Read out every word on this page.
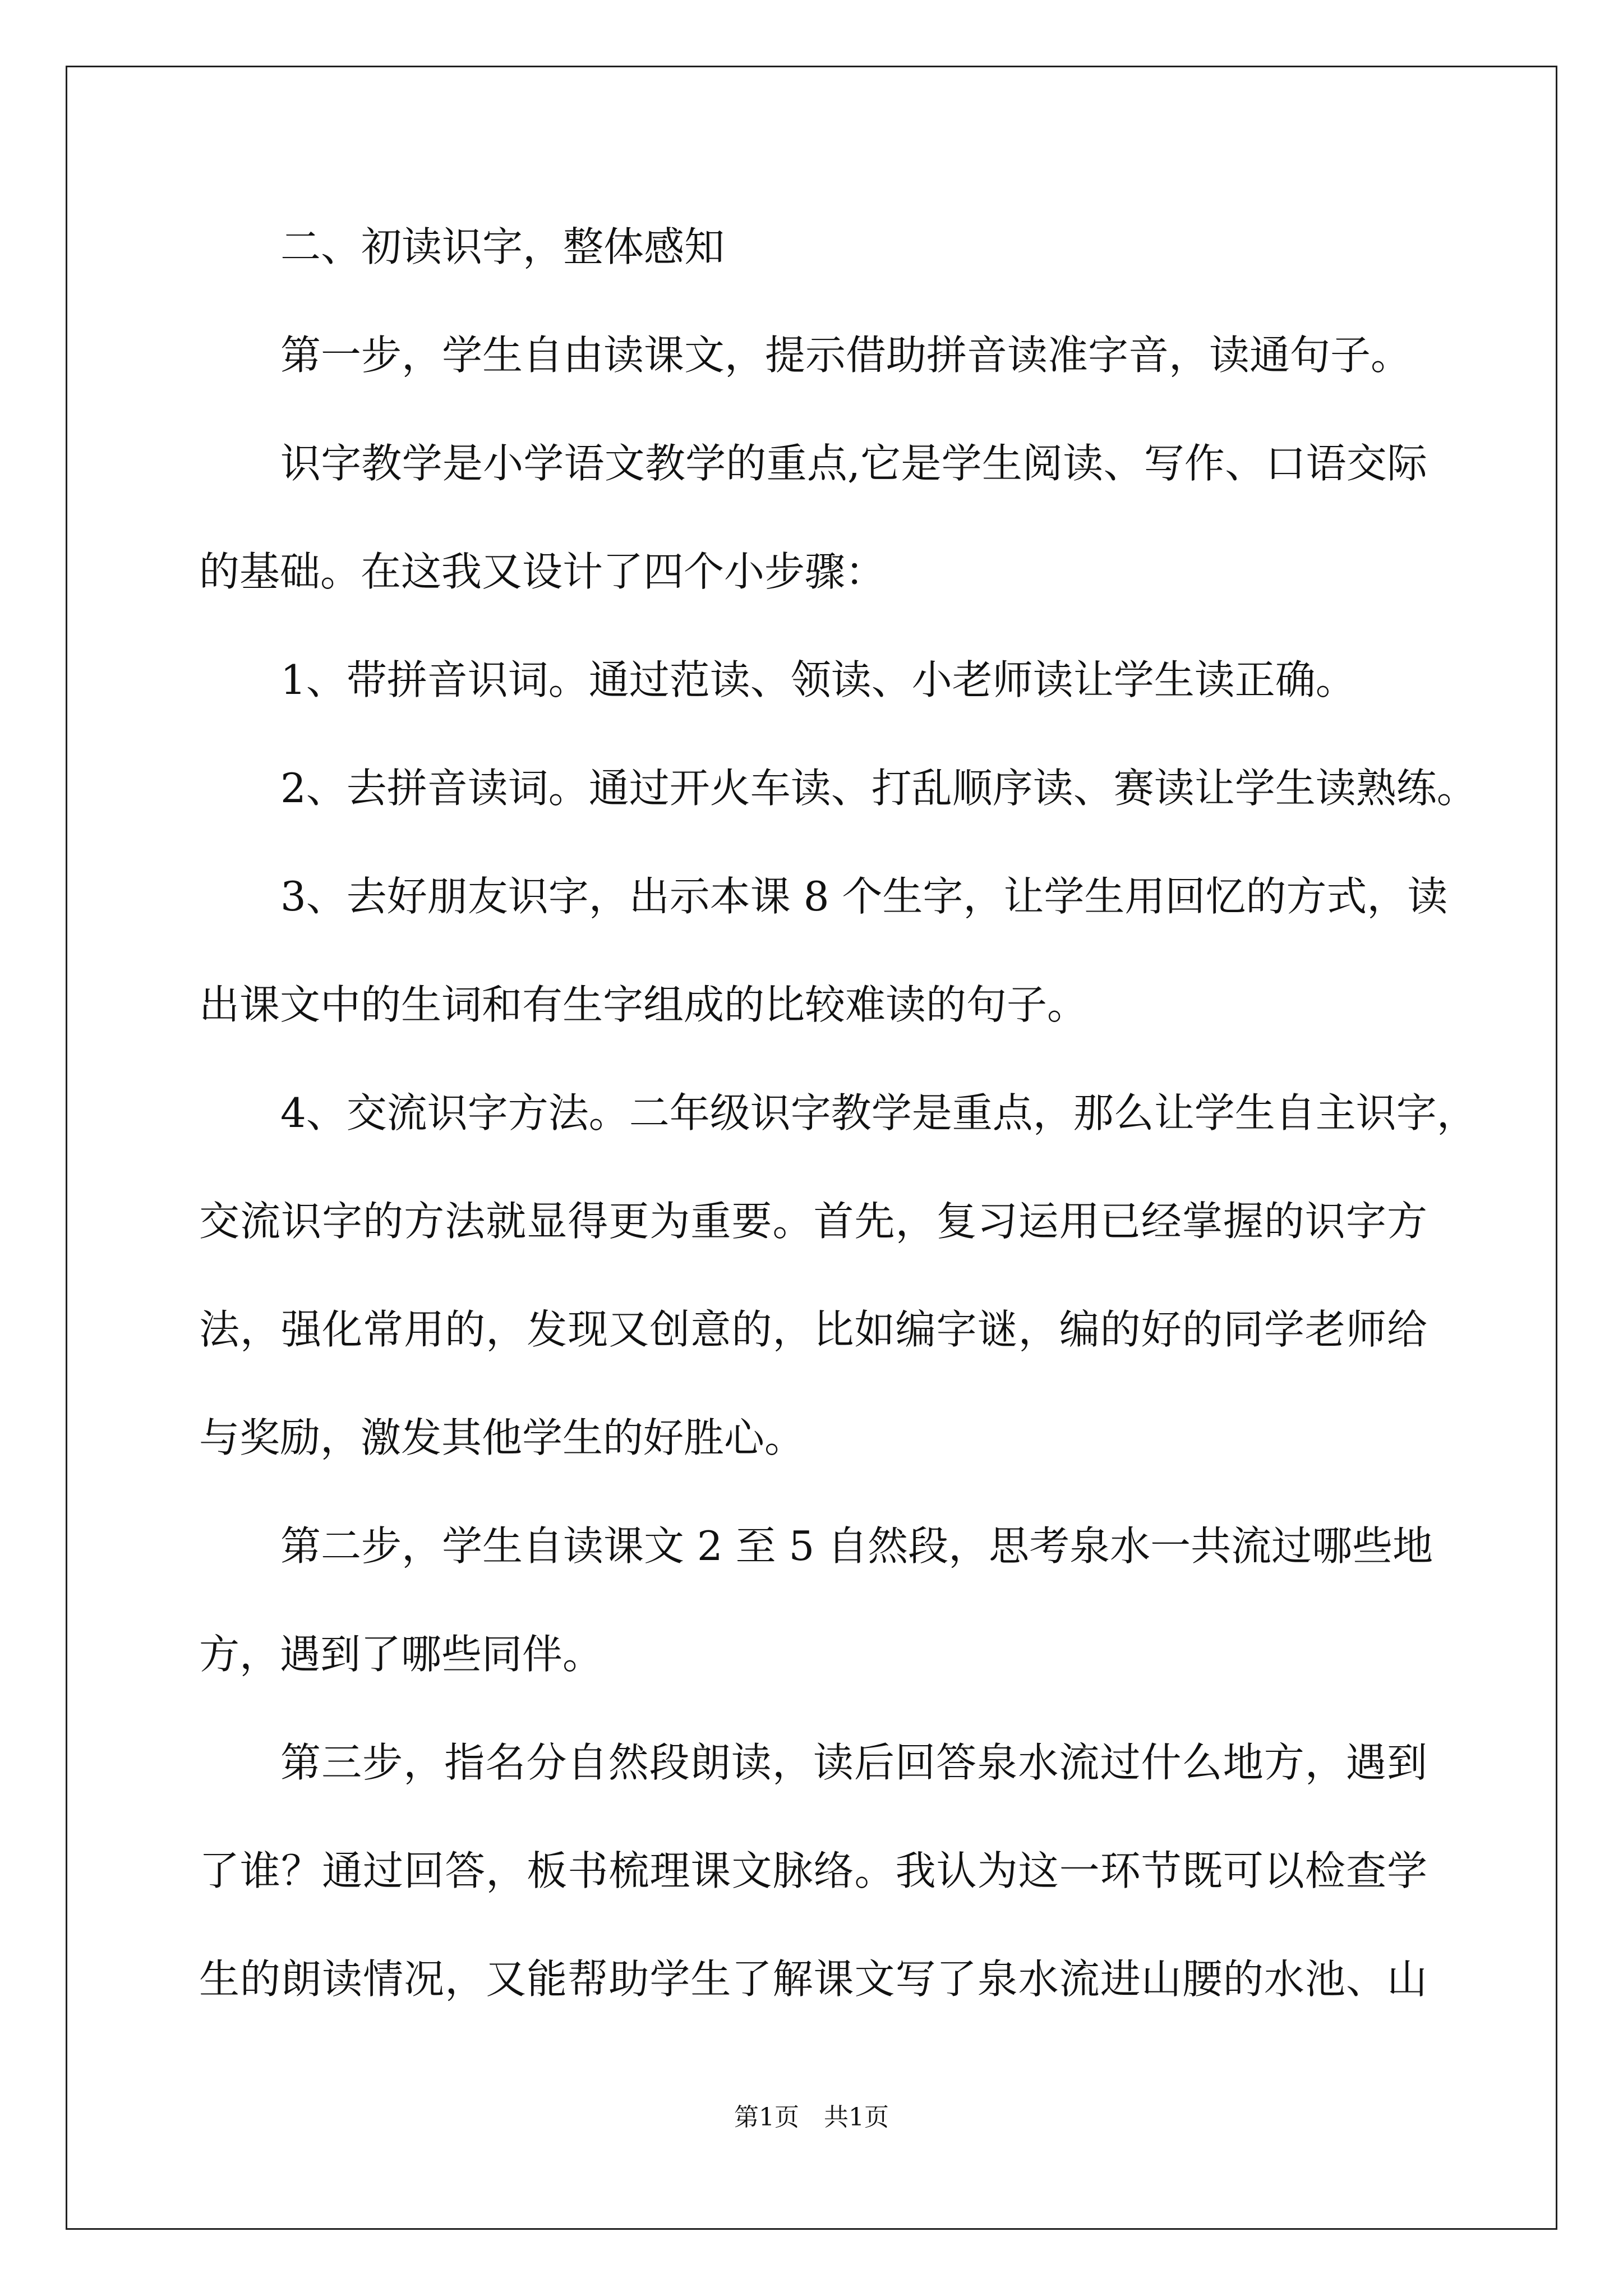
二、初读识字，整体感知
第一步，学生自由读课文，提示借助拼音读准字音，读通句子。
识字教学是小学语文教学的重点,它是学生阅读、写作、口语交际
的基础。在这我又设计了四个小步骤：
1、带拼音识词。通过范读、领读、小老师读让学生读正确。
2、去拼音读词。通过开火车读、打乱顺序读、赛读让学生读熟练。
3、去好朋友识字，出示本课 8 个生字，让学生用回忆的方式，读
出课文中的生词和有生字组成的比较难读的句子。
4、交流识字方法。二年级识字教学是重点，那么让学生自主识字，
交流识字的方法就显得更为重要。首先，复习运用已经掌握的识字方
法，强化常用的，发现又创意的，比如编字谜，编的好的同学老师给
与奖励，激发其他学生的好胜心。
第二步，学生自读课文 2 至 5 自然段，思考泉水一共流过哪些地
方，遇到了哪些同伴。
第三步，指名分自然段朗读，读后回答泉水流过什么地方，遇到
了谁？通过回答，板书梳理课文脉络。我认为这一环节既可以检查学
生的朗读情况，又能帮助学生了解课文写了泉水流进山腰的水池、山
第1页　共1页
